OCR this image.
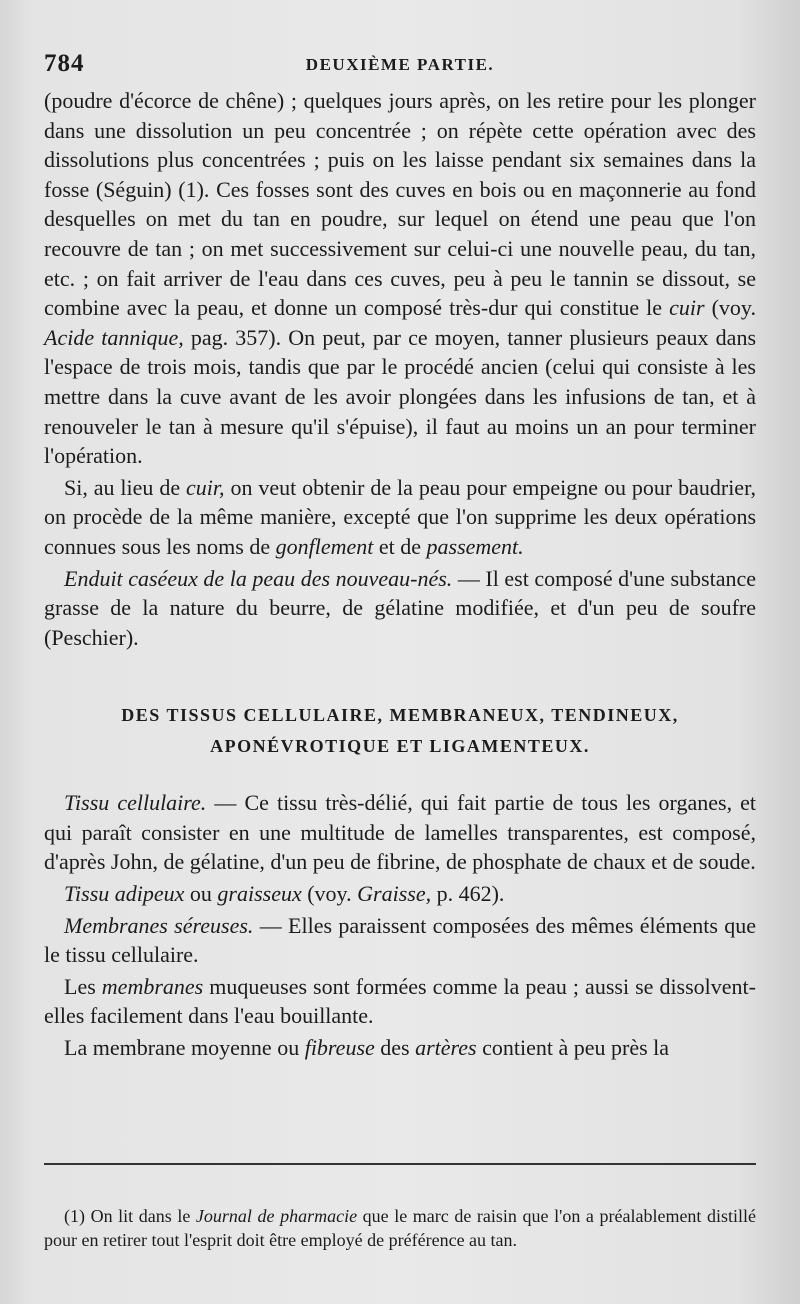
784	DEUXIÈME PARTIE.

(poudre d'écorce de chêne) ; quelques jours après, on les retire pour les plonger dans une dissolution un peu concentrée ; on répète cette opération avec des dissolutions plus concentrées ; puis on les laisse pendant six semaines dans la fosse (Séguin) (1). Ces fosses sont des cuves en bois ou en maçonnerie au fond desquelles on met du tan en poudre, sur lequel on étend une peau que l'on recouvre de tan ; on met successivement sur celui-ci une nouvelle peau, du tan, etc. ; on fait arriver de l'eau dans ces cuves, peu à peu le tannin se dissout, se combine avec la peau, et donne un composé très-dur qui constitue le cuir (voy. Acide tannique, pag. 357). On peut, par ce moyen, tanner plusieurs peaux dans l'espace de trois mois, tandis que par le procédé ancien (celui qui consiste à les mettre dans la cuve avant de les avoir plongées dans les infusions de tan, et à renouveler le tan à mesure qu'il s'épuise), il faut au moins un an pour terminer l'opération.

Si, au lieu de cuir, on veut obtenir de la peau pour empeigne ou pour baudrier, on procède de la même manière, excepté que l'on supprime les deux opérations connues sous les noms de gonflement et de passement.

Enduit caséeux de la peau des nouveau-nés. — Il est composé d'une substance grasse de la nature du beurre, de gélatine modifiée, et d'un peu de soufre (Peschier).

DES TISSUS CELLULAIRE, MEMBRANEUX, TENDINEUX,
APONÉVROTIQUE ET LIGAMENTEUX.

Tissu cellulaire. — Ce tissu très-délié, qui fait partie de tous les organes, et qui paraît consister en une multitude de lamelles transparentes, est composé, d'après John, de gélatine, d'un peu de fibrine, de phosphate de chaux et de soude.

Tissu adipeux ou graisseux (voy. Graisse, p. 462).

Membranes séreuses. — Elles paraissent composées des mêmes éléments que le tissu cellulaire.

Les membranes muqueuses sont formées comme la peau ; aussi se dissolvent-elles facilement dans l'eau bouillante.

La membrane moyenne ou fibreuse des artères contient à peu près la

(1) On lit dans le Journal de pharmacie que le marc de raisin que l'on a préalablement distillé pour en retirer tout l'esprit doit être employé de préférence au tan.
